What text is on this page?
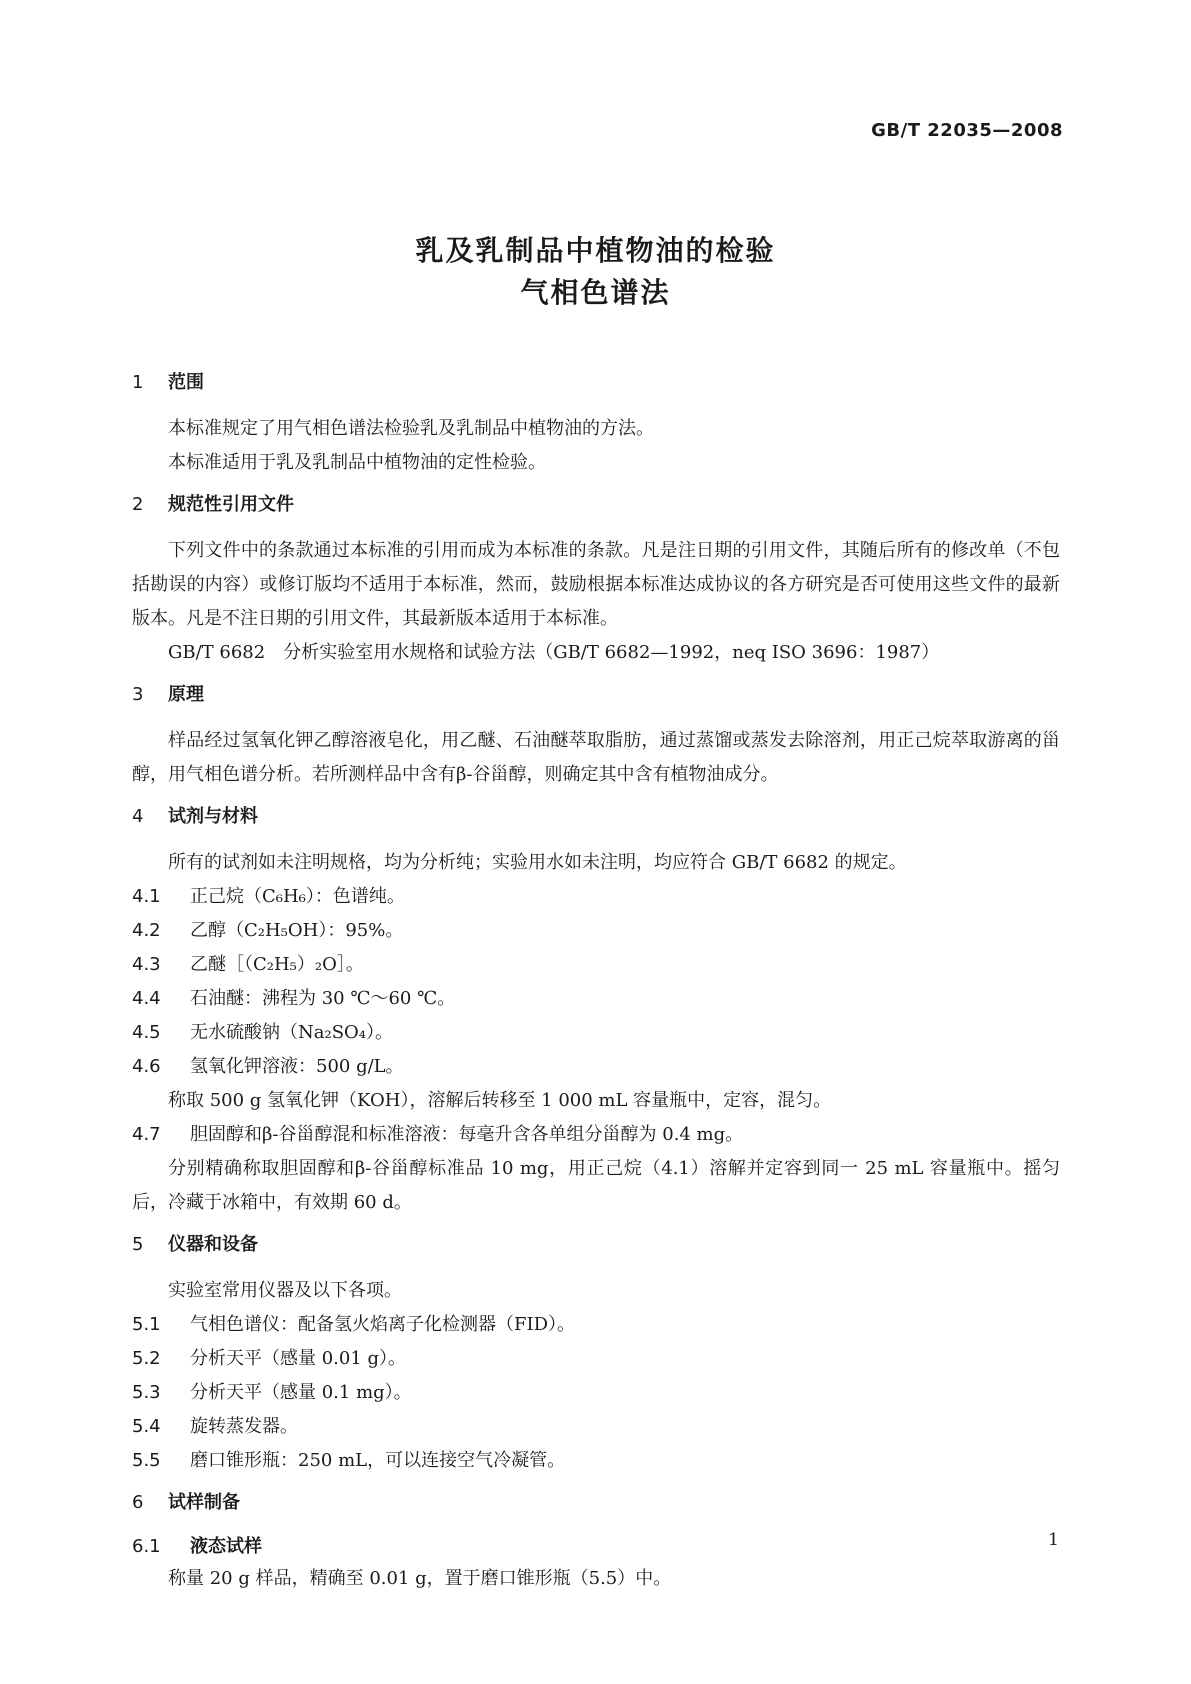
GB/T 22035—2008
乳及乳制品中植物油的检验
气相色谱法
1 范围

本标准规定了用气相色谱法检验乳及乳制品中植物油的方法。

本标准适用于乳及乳制品中植物油的定性检验。

2 规范性引用文件

下列文件中的条款通过本标准的引用而成为本标准的条款。凡是注日期的引用文件，其随后所有的修改单（不包括勘误的内容）或修订版均不适用于本标准，然而，鼓励根据本标准达成协议的各方研究是否可使用这些文件的最新版本。凡是不注日期的引用文件，其最新版本适用于本标准。

GB/T 6682　分析实验室用水规格和试验方法（GB/T 6682—1992，neq ISO 3696：1987）

3 原理

样品经过氢氧化钾乙醇溶液皂化，用乙醚、石油醚萃取脂肪，通过蒸馏或蒸发去除溶剂，用正己烷萃取游离的甾醇，用气相色谱分析。若所测样品中含有β-谷甾醇，则确定其中含有植物油成分。

4 试剂与材料

所有的试剂如未注明规格，均为分析纯；实验用水如未注明，均应符合 GB/T 6682 的规定。

4.1 正己烷（C₆H₆）：色谱纯。

4.2 乙醇（C₂H₅OH）：95%。

4.3 乙醚［（C₂H₅）₂O］。

4.4 石油醚：沸程为 30 ℃～60 ℃。

4.5 无水硫酸钠（Na₂SO₄）。

4.6 氢氧化钾溶液：500 g/L。

称取 500 g 氢氧化钾（KOH），溶解后转移至 1 000 mL 容量瓶中，定容，混匀。

4.7 胆固醇和β-谷甾醇混和标准溶液：每毫升含各单组分甾醇为 0.4 mg。

分别精确称取胆固醇和β-谷甾醇标准品 10 mg，用正己烷（4.1）溶解并定容到同一 25 mL 容量瓶中。摇匀后，冷藏于冰箱中，有效期 60 d。

5 仪器和设备

实验室常用仪器及以下各项。

5.1 气相色谱仪：配备氢火焰离子化检测器（FID）。

5.2 分析天平（感量 0.01 g）。

5.3 分析天平（感量 0.1 mg）。

5.4 旋转蒸发器。

5.5 磨口锥形瓶：250 mL，可以连接空气冷凝管。

6 试样制备
6.1 液态试样

称量 20 g 样品，精确至 0.01 g，置于磨口锥形瓶（5.5）中。

1
